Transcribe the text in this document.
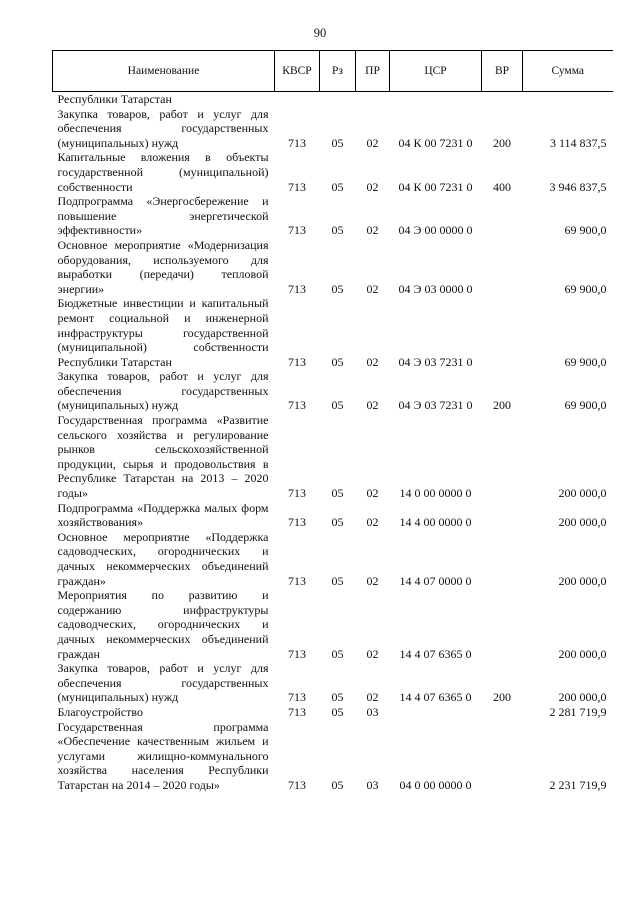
90
Наименование	КВСР	Рз	ПР	ЦСР	ВР	Сумма
Республики Татарстан						
Закупка товаров, работ и услуг для обеспечения государственных (муниципальных) нужд	713	05	02	04 К 00 7231 0	200	3 114 837,5
Капитальные вложения в объекты государственной (муниципальной) собственности	713	05	02	04 К 00 7231 0	400	3 946 837,5
Подпрограмма «Энергосбережение и повышение энергетической эффективности»	713	05	02	04 Э 00 0000 0		69 900,0
Основное мероприятие «Модернизация оборудования, используемого для выработки (передачи) тепловой энергии»	713	05	02	04 Э 03 0000 0		69 900,0
Бюджетные инвестиции и капитальный ремонт социальной и инженерной инфраструктуры государственной (муниципальной) собственности Республики Татарстан	713	05	02	04 Э 03 7231 0		69 900,0
Закупка товаров, работ и услуг для обеспечения государственных (муниципальных) нужд	713	05	02	04 Э 03 7231 0	200	69 900,0
Государственная программа «Развитие сельского хозяйства и регулирование рынков сельскохозяйственной продукции, сырья и продовольствия в Республике Татарстан на 2013 – 2020 годы»	713	05	02	14 0 00 0000 0		200 000,0
Подпрограмма «Поддержка малых форм хозяйствования»	713	05	02	14 4 00 0000 0		200 000,0
Основное мероприятие «Поддержка садоводческих, огороднических и дачных некоммерческих объединений граждан»	713	05	02	14 4 07 0000 0		200 000,0
Мероприятия по развитию и содержанию инфраструктуры садоводческих, огороднических и дачных некоммерческих объединений граждан	713	05	02	14 4 07 6365 0		200 000,0
Закупка товаров, работ и услуг для обеспечения государственных (муниципальных) нужд	713	05	02	14 4 07 6365 0	200	200 000,0
Благоустройство	713	05	03			2 281 719,9
Государственная программа «Обеспечение качественным жильем и услугами жилищно-коммунального хозяйства населения Республики Татарстан на 2014 – 2020 годы»	713	05	03	04 0 00 0000 0		2 231 719,9
